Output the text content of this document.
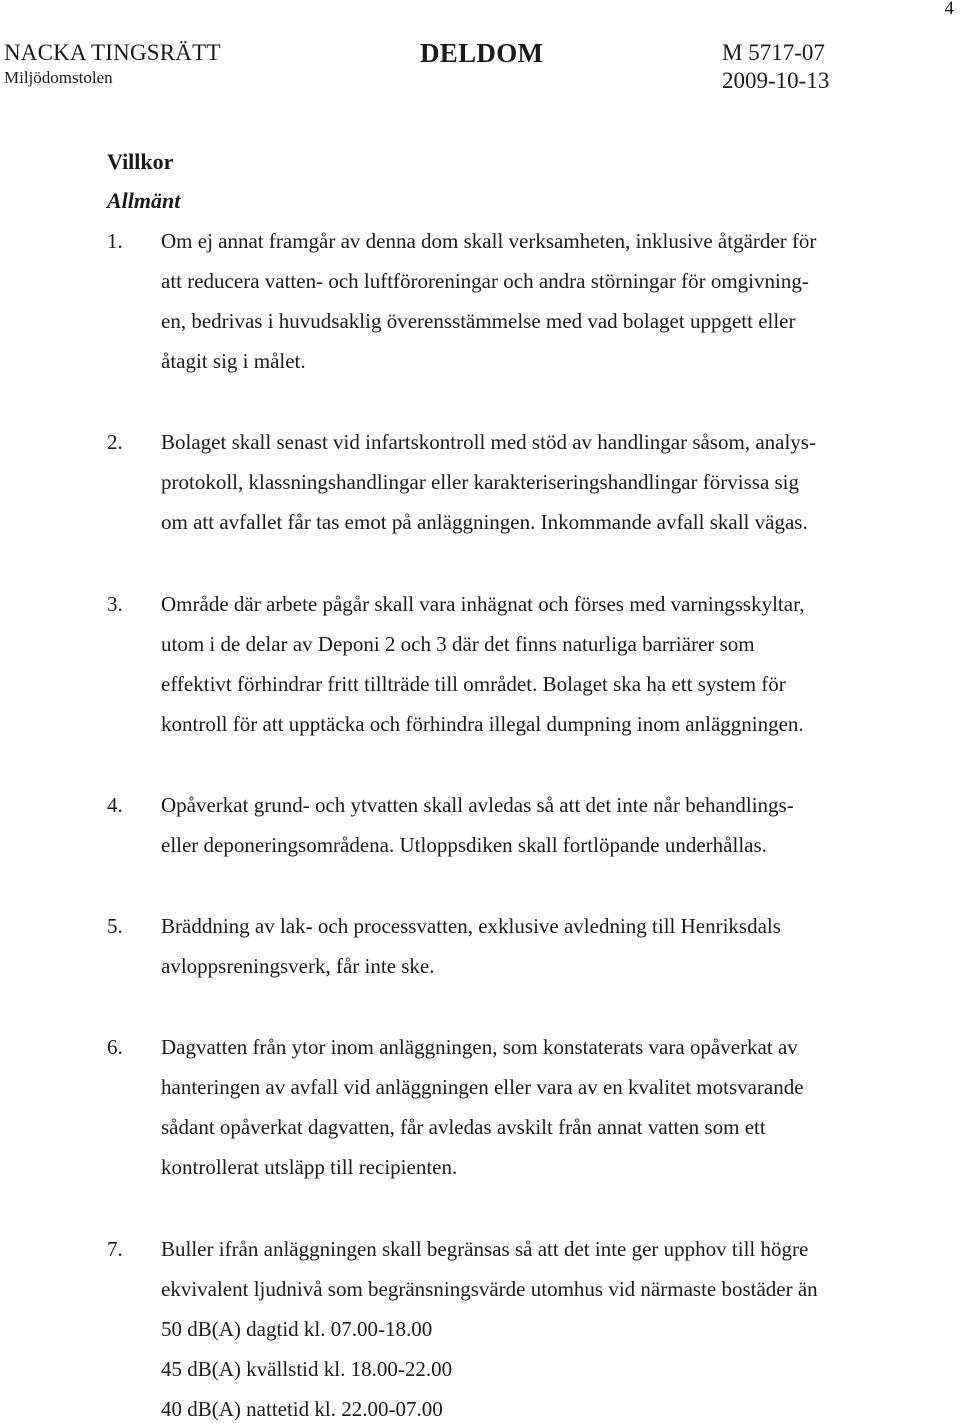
4
NACKA TINGSRÄTT
Miljödomstolen
DELDOM	M 5717-07
2009-10-13
Villkor
Allmänt
1. Om ej annat framgår av denna dom skall verksamheten, inklusive åtgärder för
att reducera vatten- och luftföroreningar och andra störningar för omgivning-
en, bedrivas i huvudsaklig överensstämmelse med vad bolaget uppgett eller
åtagit sig i målet.
2. Bolaget skall senast vid infartskontroll med stöd av handlingar såsom, analys-
protokoll, klassningshandlingar eller karakteriseringshandlingar förvissa sig
om att avfallet får tas emot på anläggningen. Inkommande avfall skall vägas.
3. Område där arbete pågår skall vara inhägnat och förses med varningsskyltar,
utom i de delar av Deponi 2 och 3 där det finns naturliga barriärer som
effektivt förhindrar fritt tillträde till området. Bolaget ska ha ett system för
kontroll för att upptäcka och förhindra illegal dumpning inom anläggningen.
4. Opåverkat grund- och ytvatten skall avledas så att det inte når behandlings-
eller deponeringsområdena. Utloppsdiken skall fortlöpande underhållas.
5. Bräddning av lak- och processvatten, exklusive avledning till Henriksdals
avloppsreningsverk, får inte ske.
6. Dagvatten från ytor inom anläggningen, som konstaterats vara opåverkat av
hanteringen av avfall vid anläggningen eller vara av en kvalitet motsvarande
sådant opåverkat dagvatten, får avledas avskilt från annat vatten som ett
kontrollerat utsläpp till recipienten.
7. Buller ifrån anläggningen skall begränsas så att det inte ger upphov till högre
ekvivalent ljudnivå som begränsningsvärde utomhus vid närmaste bostäder än
50 dB(A) dagtid kl. 07.00-18.00
45 dB(A) kvällstid kl. 18.00-22.00
40 dB(A) nattetid kl. 22.00-07.00
